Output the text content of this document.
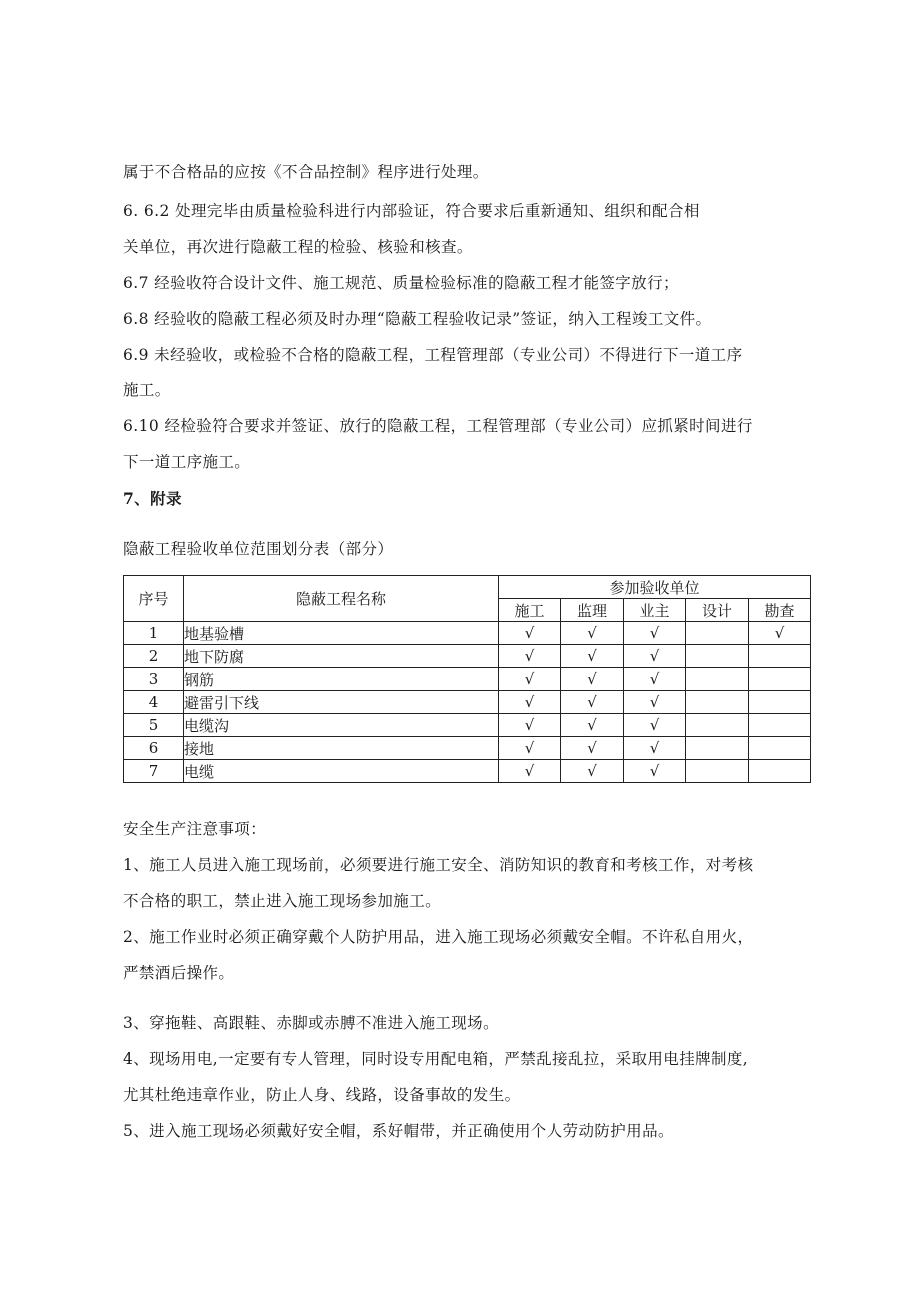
属于不合格品的应按《不合品控制》程序进行处理。
6. 6.2 处理完毕由质量检验科进行内部验证，符合要求后重新通知、组织和配合相
关单位，再次进行隐蔽工程的检验、核验和核查。
6.7 经验收符合设计文件、施工规范、质量检验标准的隐蔽工程才能签字放行；
6.8 经验收的隐蔽工程必须及时办理“隐蔽工程验收记录”签证，纳入工程竣工文件。
6.9 未经验收，或检验不合格的隐蔽工程，工程管理部（专业公司）不得进行下一道工序
施工。
6.10 经检验符合要求并签证、放行的隐蔽工程，工程管理部（专业公司）应抓紧时间进行
下一道工序施工。
7、附录
隐蔽工程验收单位范围划分表（部分）
序号	隐蔽工程名称	参加验收单位				
		施工	监理	业主	设计	勘查
1	地基验槽	√	√	√		√
2	地下防腐	√	√	√		
3	钢筋	√	√	√		
4	避雷引下线	√	√	√		
5	电缆沟	√	√	√		
6	接地	√	√	√		
7	电缆	√	√	√		
安全生产注意事项：
1、施工人员进入施工现场前，必须要进行施工安全、消防知识的教育和考核工作，对考核
不合格的职工，禁止进入施工现场参加施工。
2、施工作业时必须正确穿戴个人防护用品，进入施工现场必须戴安全帽。不许私自用火，
严禁酒后操作。
3、穿拖鞋、高跟鞋、赤脚或赤膊不准进入施工现场。
4、现场用电,一定要有专人管理，同时设专用配电箱，严禁乱接乱拉，采取用电挂牌制度,
尤其杜绝违章作业，防止人身、线路，设备事故的发生。
5、进入施工现场必须戴好安全帽，系好帽带，并正确使用个人劳动防护用品。
